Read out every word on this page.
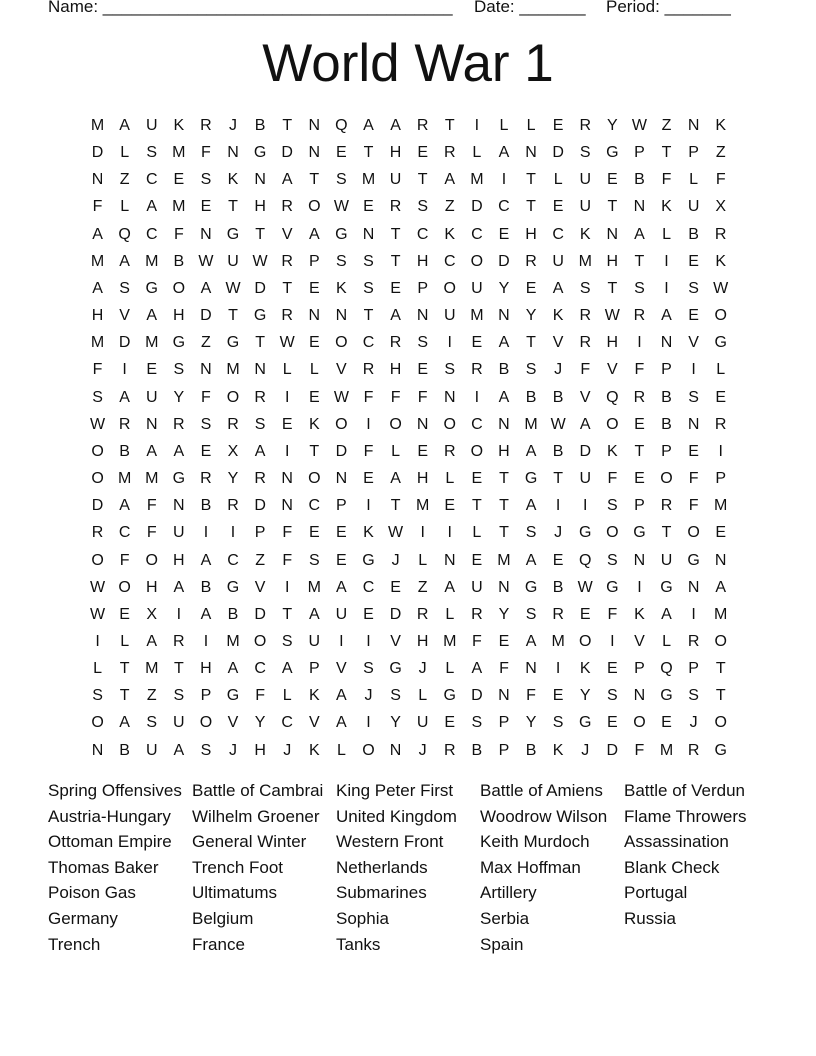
Name: _____________________________________ Date: _______ Period: _______
World War 1
M A U K R J B T N Q A A R T I L L E R Y W Z N K
D L S M F N G D N E T H E R L A N D S G P T P Z
N Z C E S K N A T S M U T A M I T L U E B F L F
F L A M E T H R O W E R S Z D C T E U T N K U X
A Q C F N G T V A G N T C K C E H C K N A L B R
M A M B W U W R P S S T H C O D R U M H T I E K
A S G O A W D T E K S E P O U Y E A S T S I S W
H V A H D T G R N N T A N U M N Y K R W R A E O
M D M G Z G T W E O C R S I E A T V R H I N V G
F I E S N M N L L V R H E S R B S J F V F P I L
S A U Y F O R I E W F F F N I A B B V Q R B S E
W R N R S R S E K O I O N O C N M W A O E B N R
O B A A E X A I T D F L E R O H A B D K T P E I
O M M G R Y R N O N E A H L E T G T U F E O F P
D A F N B R D N C P I T M E T T A I I S P R F M
R C F U I I P F E E K W I I L T S J G O G T O E
O F O H A C Z F S E G J L N E M A E Q S N U G N
W O H A B G V I M A C E Z A U N G B W G I G N A
W E X I A B D T A U E D R L R Y S R E F K A I M
I L A R I M O S U I I V H M F E A M O I V L R O
L T M T H A C A P V S G J L A F N I K E P Q P T
S T Z S P G F L K A J S L G D N F E Y S N G S T
O A S U O V Y C V A I Y U E S P Y S G E O E J O
N B U A S J H J K L O N J R B P B K J D F M R G
Spring Offensives
Austria-Hungary
Ottoman Empire
Thomas Baker
Poison Gas
Germany
Trench
Battle of Cambrai
Wilhelm Groener
General Winter
Trench Foot
Ultimatums
Belgium
France
King Peter First
United Kingdom
Western Front
Netherlands
Submarines
Sophia
Tanks
Battle of Amiens
Woodrow Wilson
Keith Murdoch
Max Hoffman
Artillery
Serbia
Spain
Battle of Verdun
Flame Throwers
Assassination
Blank Check
Portugal
Russia
